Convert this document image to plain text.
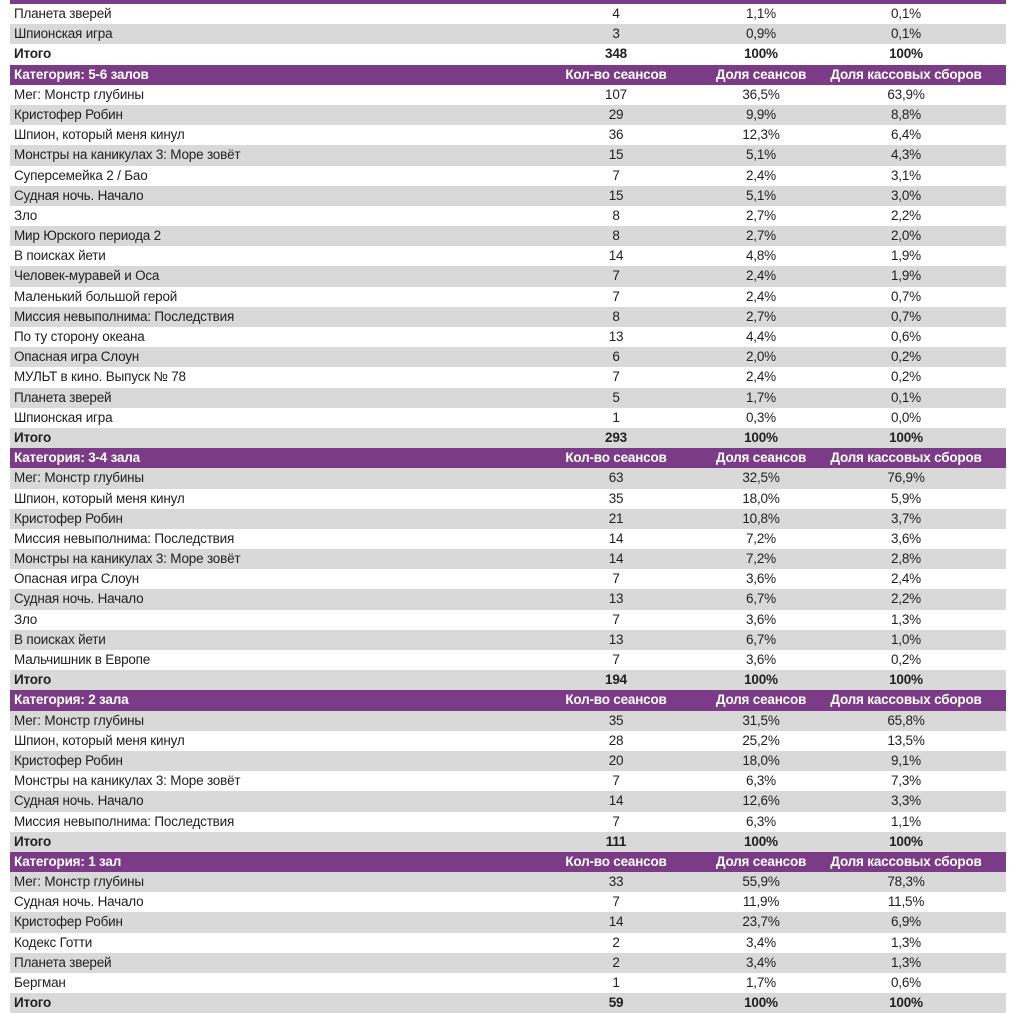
Планета зверей	4	1,1%	0,1%
Шпионская игра	3	0,9%	0,1%
Итого	348	100%	100%
Категория: 5-6 залов	Кол-во сеансов	Доля сеансов	Доля кассовых сборов
Мег: Монстр глубины	107	36,5%	63,9%
Кристофер Робин	29	9,9%	8,8%
Шпион, который меня кинул	36	12,3%	6,4%
Монстры на каникулах 3: Море зовёт	15	5,1%	4,3%
Суперсемейка 2 / Бао	7	2,4%	3,1%
Судная ночь. Начало	15	5,1%	3,0%
Зло	8	2,7%	2,2%
Мир Юрского периода 2	8	2,7%	2,0%
В поисках йети	14	4,8%	1,9%
Человек-муравей и Оса	7	2,4%	1,9%
Маленький большой герой	7	2,4%	0,7%
Миссия невыполнима: Последствия	8	2,7%	0,7%
По ту сторону океана	13	4,4%	0,6%
Опасная игра Слоун	6	2,0%	0,2%
МУЛЬТ в кино. Выпуск № 78	7	2,4%	0,2%
Планета зверей	5	1,7%	0,1%
Шпионская игра	1	0,3%	0,0%
Итого	293	100%	100%
Категория: 3-4 зала	Кол-во сеансов	Доля сеансов	Доля кассовых сборов
Мег: Монстр глубины	63	32,5%	76,9%
Шпион, который меня кинул	35	18,0%	5,9%
Кристофер Робин	21	10,8%	3,7%
Миссия невыполнима: Последствия	14	7,2%	3,6%
Монстры на каникулах 3: Море зовёт	14	7,2%	2,8%
Опасная игра Слоун	7	3,6%	2,4%
Судная ночь. Начало	13	6,7%	2,2%
Зло	7	3,6%	1,3%
В поисках йети	13	6,7%	1,0%
Мальчишник в Европе	7	3,6%	0,2%
Итого	194	100%	100%
Категория: 2 зала	Кол-во сеансов	Доля сеансов	Доля кассовых сборов
Мег: Монстр глубины	35	31,5%	65,8%
Шпион, который меня кинул	28	25,2%	13,5%
Кристофер Робин	20	18,0%	9,1%
Монстры на каникулах 3: Море зовёт	7	6,3%	7,3%
Судная ночь. Начало	14	12,6%	3,3%
Миссия невыполнима: Последствия	7	6,3%	1,1%
Итого	111	100%	100%
Категория: 1 зал	Кол-во сеансов	Доля сеансов	Доля кассовых сборов
Мег: Монстр глубины	33	55,9%	78,3%
Судная ночь. Начало	7	11,9%	11,5%
Кристофер Робин	14	23,7%	6,9%
Кодекс Готти	2	3,4%	1,3%
Планета зверей	2	3,4%	1,3%
Бергман	1	1,7%	0,6%
Итого	59	100%	100%
